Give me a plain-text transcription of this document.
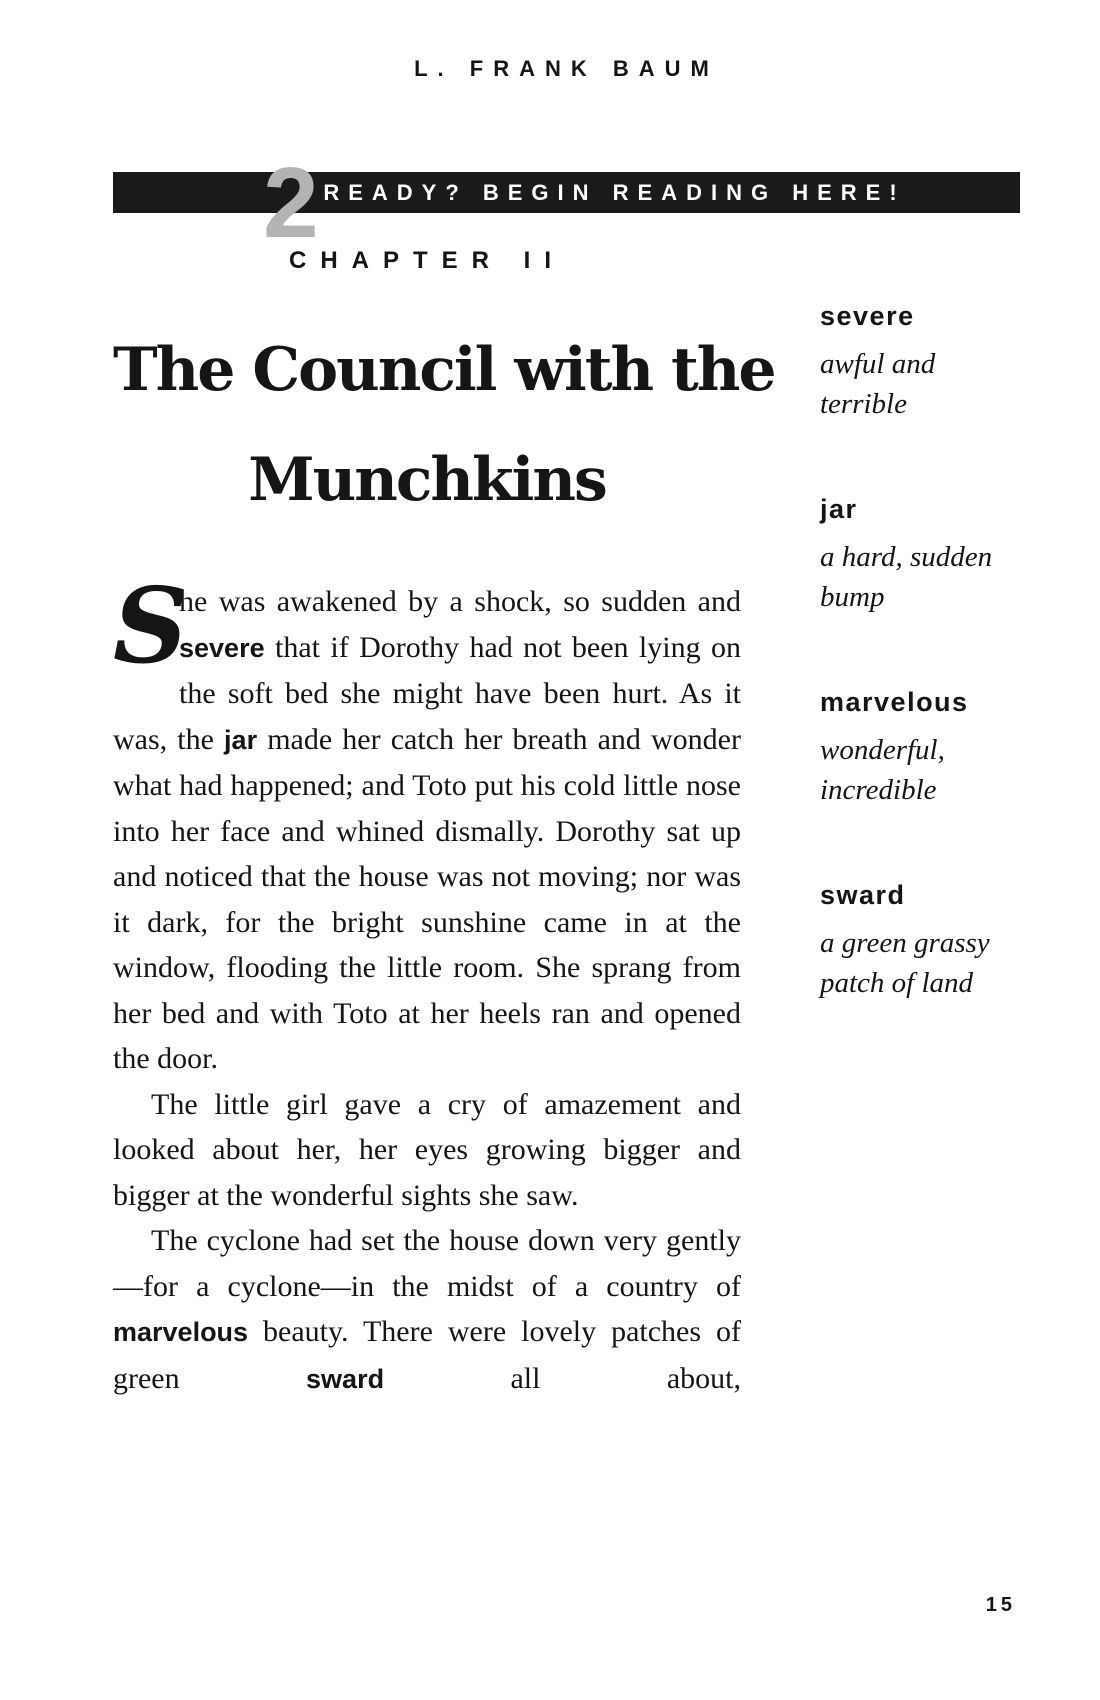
L. FRANK BAUM
2 READY? BEGIN READING HERE!
CHAPTER II
The Council with the
Munchkins

S
he was awakened by a shock, so sudden and severe that if Dorothy had not been lying on the soft bed she might have been hurt. As it was, the jar made her catch her breath and wonder what had happened; and Toto put his cold little nose into her face and whined dismally. Dorothy sat up and noticed that the house was not moving; nor was it dark, for the bright sunshine came in at the window, flooding the little room. She sprang from her bed and with Toto at her heels ran and opened the door.

The little girl gave a cry of amazement and looked about her, her eyes growing bigger and bigger at the wonderful sights she saw.

The cyclone had set the house down very gently—for a cyclone—in the midst of a country of marvelous beauty. There were lovely patches of green sward all about,

severe
awful and terrible
jar
a hard, sudden bump
marvelous
wonderful, incredible
sward
a green grassy patch of land
15
